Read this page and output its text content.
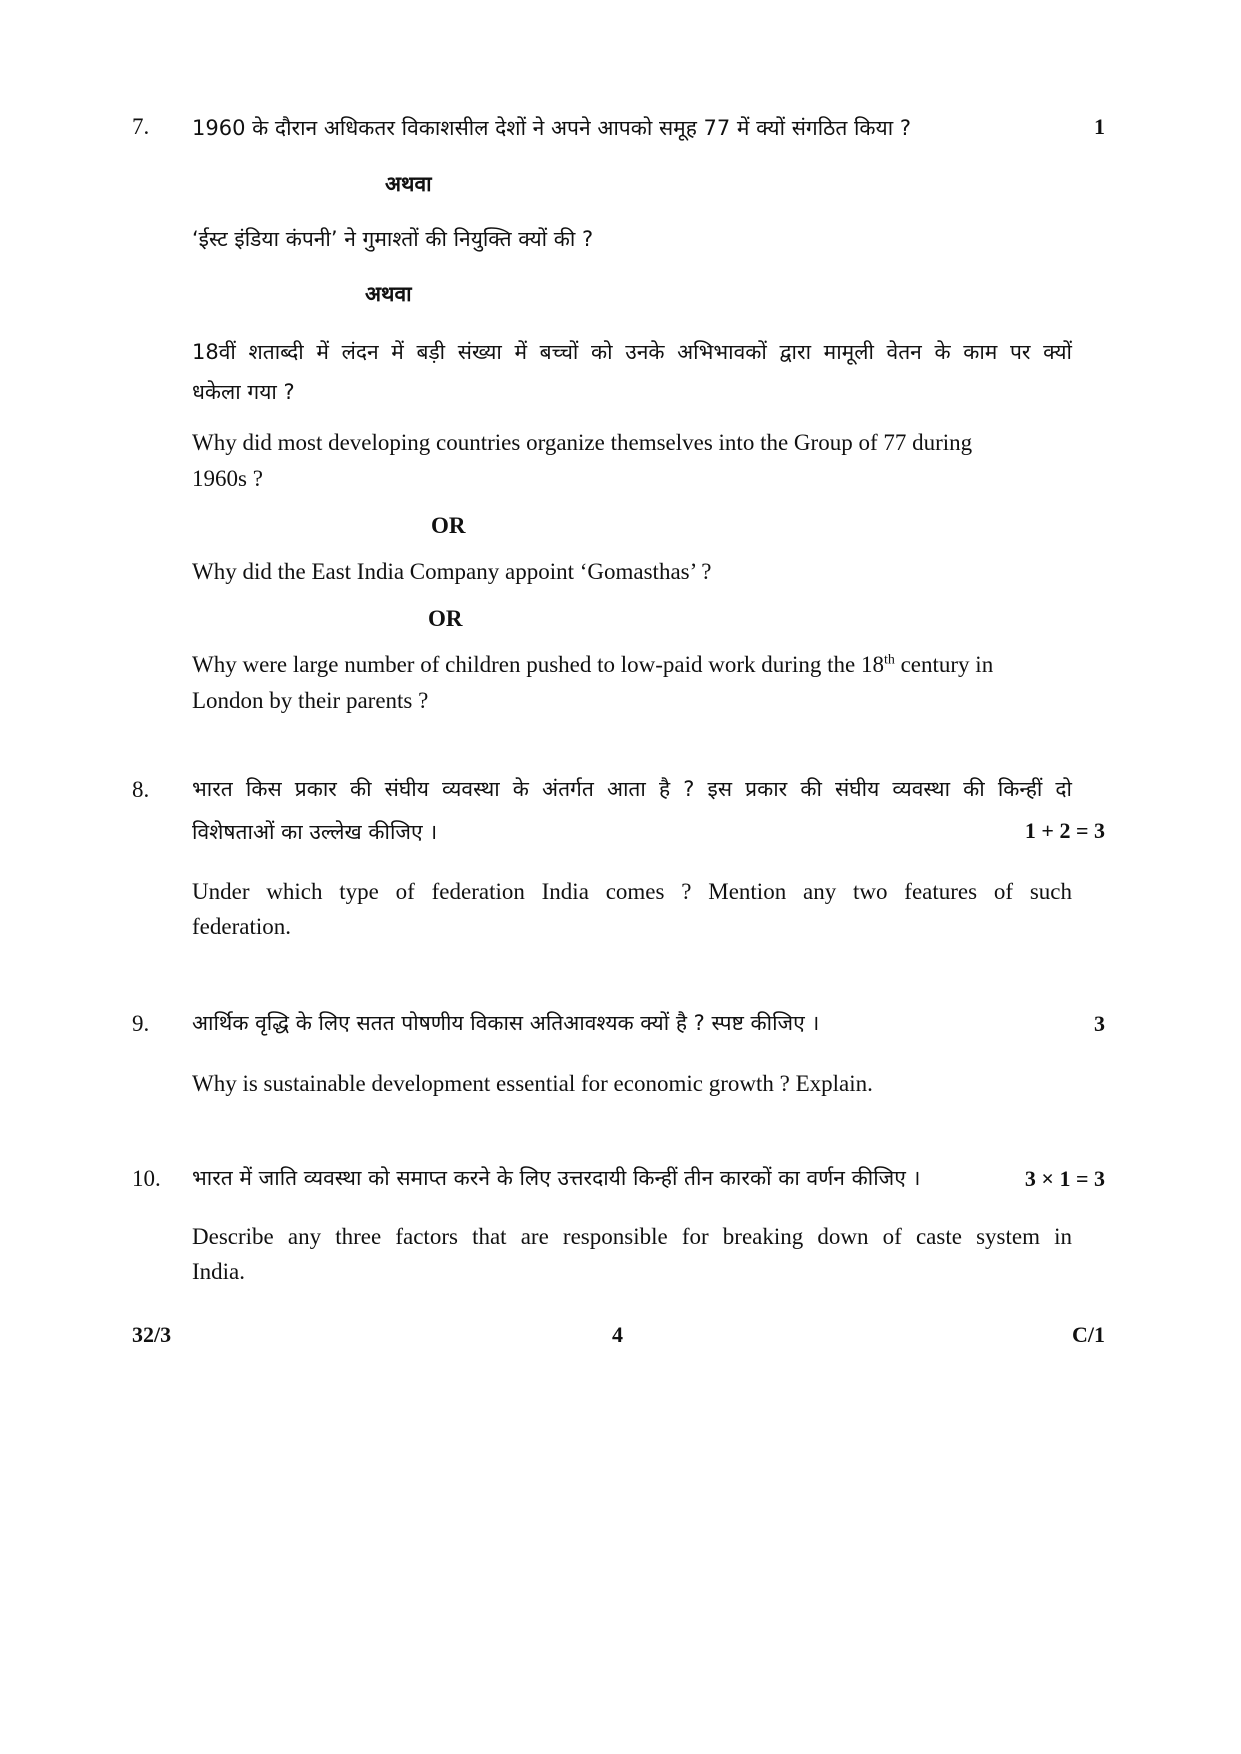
7. 1960 के दौरान अधिकतर विकाशसील देशों ने अपने आपको समूह 77 में क्यों संगठित किया ?	1
अथवा
‘ईस्ट इंडिया कंपनी’ ने गुमाश्तों की नियुक्ति क्यों की ?
अथवा
18वीं शताब्दी में लंदन में बड़ी संख्या में बच्चों को उनके अभिभावकों द्वारा मामूली वेतन के काम पर क्यों
धकेला गया ?
Why did most developing countries organize themselves into the Group of 77 during
1960s ?
OR
Why did the East India Company appoint ‘Gomasthas’ ?
OR
Why were large number of children pushed to low-paid work during the 18th century in
London by their parents ?
8. भारत किस प्रकार की संघीय व्यवस्था के अंतर्गत आता है ? इस प्रकार की संघीय व्यवस्था की किन्हीं दो
विशेषताओं का उल्लेख कीजिए ।	1 + 2 = 3
Under which type of federation India comes ? Mention any two features of such
federation.
9. आर्थिक वृद्धि के लिए सतत पोषणीय विकास अतिआवश्यक क्यों है ? स्पष्ट कीजिए ।	3
Why is sustainable development essential for economic growth ? Explain.
10. भारत में जाति व्यवस्था को समाप्त करने के लिए उत्तरदायी किन्हीं तीन कारकों का वर्णन कीजिए ।	3 × 1 = 3
Describe any three factors that are responsible for breaking down of caste system in
India.
32/3	4	C/1
